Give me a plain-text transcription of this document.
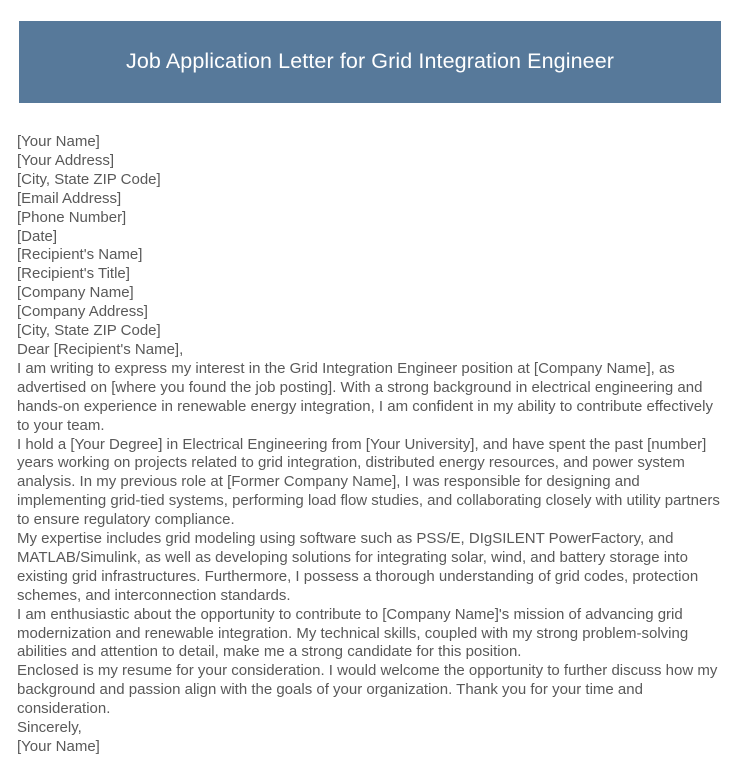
Job Application Letter for Grid Integration Engineer
[Your Name]
[Your Address]
[City, State ZIP Code]
[Email Address]
[Phone Number]
[Date]
[Recipient's Name]
[Recipient's Title]
[Company Name]
[Company Address]
[City, State ZIP Code]
Dear [Recipient's Name],

I am writing to express my interest in the Grid Integration Engineer position at [Company Name], as advertised on [where you found the job posting]. With a strong background in electrical engineering and hands-on experience in renewable energy integration, I am confident in my ability to contribute effectively to your team.

I hold a [Your Degree] in Electrical Engineering from [Your University], and have spent the past [number] years working on projects related to grid integration, distributed energy resources, and power system analysis. In my previous role at [Former Company Name], I was responsible for designing and implementing grid-tied systems, performing load flow studies, and collaborating closely with utility partners to ensure regulatory compliance.

My expertise includes grid modeling using software such as PSS/E, DIgSILENT PowerFactory, and MATLAB/Simulink, as well as developing solutions for integrating solar, wind, and battery storage into existing grid infrastructures. Furthermore, I possess a thorough understanding of grid codes, protection schemes, and interconnection standards.

I am enthusiastic about the opportunity to contribute to [Company Name]'s mission of advancing grid modernization and renewable integration. My technical skills, coupled with my strong problem-solving abilities and attention to detail, make me a strong candidate for this position.

Enclosed is my resume for your consideration. I would welcome the opportunity to further discuss how my background and passion align with the goals of your organization. Thank you for your time and consideration.

Sincerely,
[Your Name]
